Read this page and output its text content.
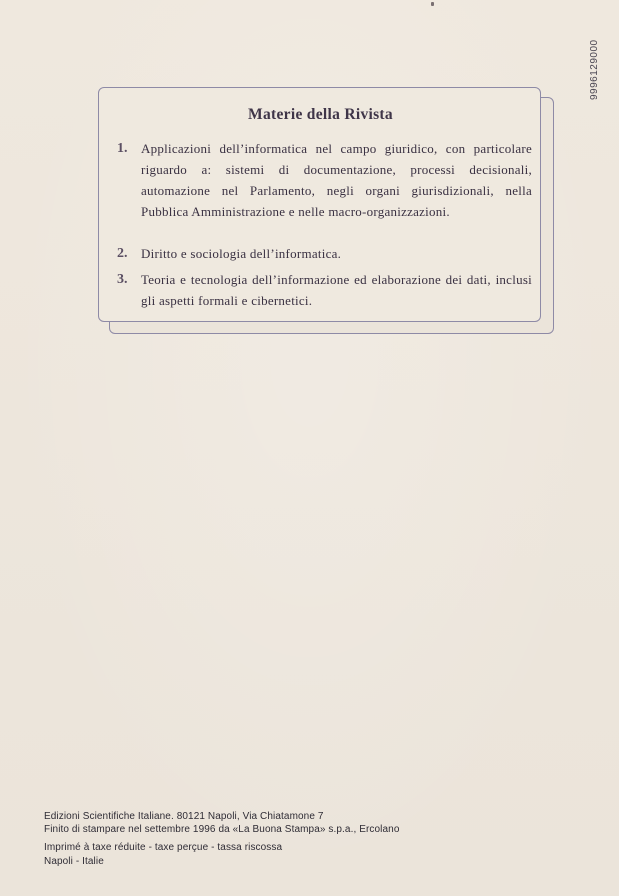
9996129000
Materie della Rivista
1.	Applicazioni dell’informatica nel campo giuridico, con particolare riguardo a: sistemi di documentazione, processi decisionali, automazione nel Parlamento, negli organi giurisdizionali, nella Pubblica Amministrazione e nelle macro-organizzazioni.
2.	Diritto e sociologia dell’informatica.
3.	Teoria e tecnologia dell’informazione ed elaborazione dei dati, inclusi gli aspetti formali e cibernetici.
Edizioni Scientifiche Italiane. 80121 Napoli, Via Chiatamone 7
Finito di stampare nel settembre 1996 da «La Buona Stampa» s.p.a., Ercolano
Imprimé à taxe réduite - taxe perçue - tassa riscossa
Napoli - Italie
